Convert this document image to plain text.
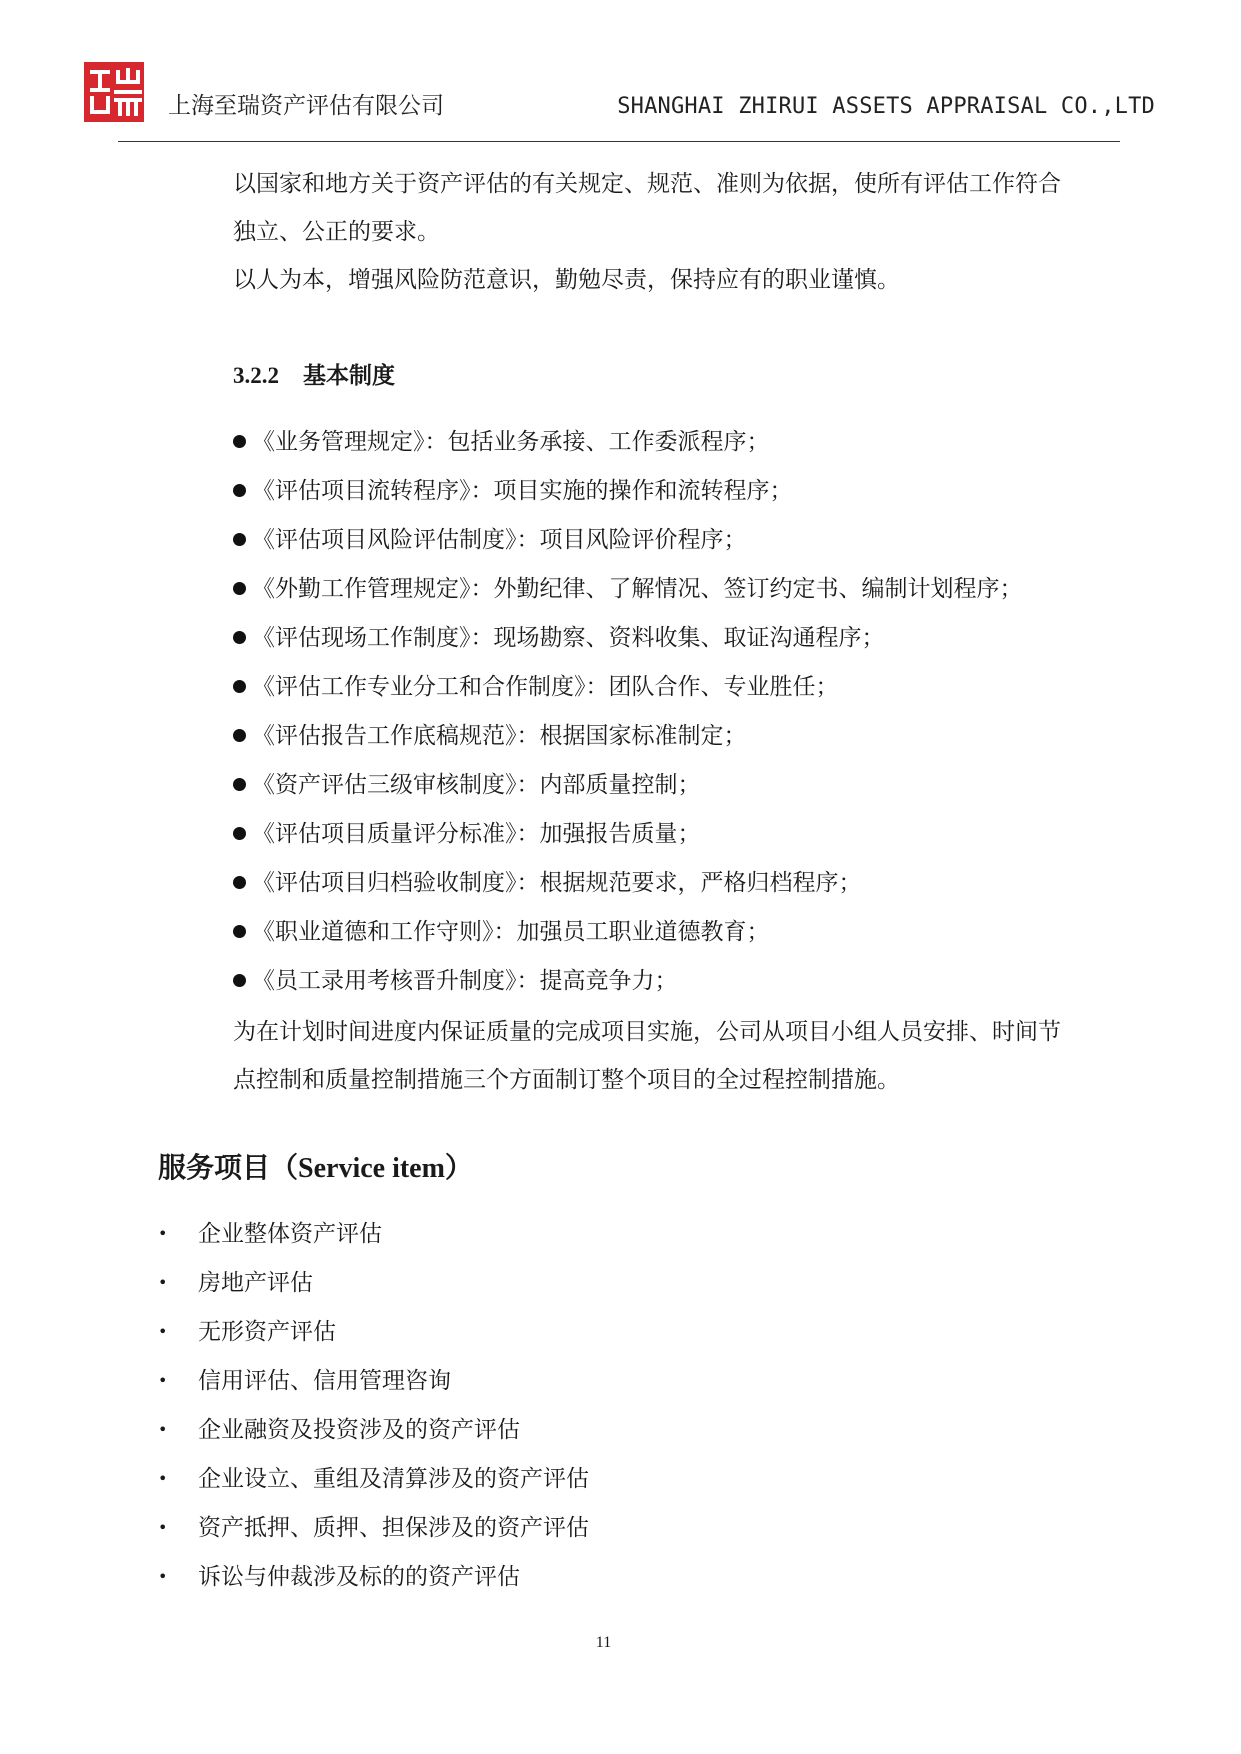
上海至瑞资产评估有限公司	SHANGHAI ZHIRUI ASSETS APPRAISAL CO.,LTD
以国家和地方关于资产评估的有关规定、规范、准则为依据，使所有评估工作符合
独立、公正的要求。
以人为本，增强风险防范意识，勤勉尽责，保持应有的职业谨慎。
3.2.2 基本制度
《业务管理规定》：包括业务承接、工作委派程序；
《评估项目流转程序》：项目实施的操作和流转程序；
《评估项目风险评估制度》：项目风险评价程序；
《外勤工作管理规定》：外勤纪律、了解情况、签订约定书、编制计划程序；
《评估现场工作制度》：现场勘察、资料收集、取证沟通程序；
《评估工作专业分工和合作制度》：团队合作、专业胜任；
《评估报告工作底稿规范》：根据国家标准制定；
《资产评估三级审核制度》：内部质量控制；
《评估项目质量评分标准》：加强报告质量；
《评估项目归档验收制度》：根据规范要求，严格归档程序；
《职业道德和工作守则》：加强员工职业道德教育；
《员工录用考核晋升制度》：提高竞争力；
为在计划时间进度内保证质量的完成项目实施，公司从项目小组人员安排、时间节
点控制和质量控制措施三个方面制订整个项目的全过程控制措施。
服务项目（Service item）
• 企业整体资产评估
• 房地产评估
• 无形资产评估
• 信用评估、信用管理咨询
• 企业融资及投资涉及的资产评估
• 企业设立、重组及清算涉及的资产评估
• 资产抵押、质押、担保涉及的资产评估
• 诉讼与仲裁涉及标的的资产评估
11
